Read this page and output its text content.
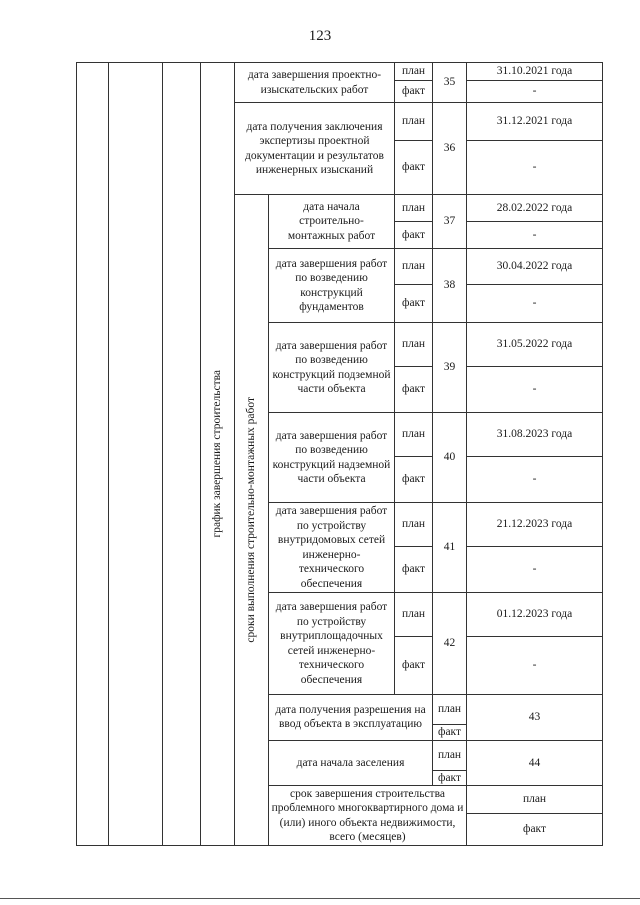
123

			график завершения строительства	дата завершения проектно-изыскательских работ		план	35	31.10.2021 года	
						факт		-	
				дата получения заключения экспертизы проектной документации и результатов инженерных изысканий		план	36	31.12.2021 года	
						факт		-	

				сроки выполнения строительно-монтажных работ	дата начала строительно-монтажных работ	план	37	28.02.2022 года	
						факт		-	
					дата завершения работ по возведению конструкций фундаментов	план	38	30.04.2022 года	
						факт		-	
					дата завершения работ по возведению конструкций подземной части объекта	план	39	31.05.2022 года	
						факт		-	
					дата завершения работ по возведению конструкций надземной части объекта	план	40	31.08.2023 года	
						факт		-	
					дата завершения работ по устройству внутридомовых сетей инженерно-технического обеспечения	план	41	21.12.2023 года	
						факт		-	
					дата завершения работ по устройству внутриплощадочных сетей инженерно-технического обеспечения	план	42	01.12.2023 года	
						факт		-	
					дата получения разрешения на ввод объекта в эксплуатацию		план	43	
							факт	
					дата начала заселения		план	44	
							факт	
					срок завершения строительства проблемного многоквартирного дома и (или) иного объекта недвижимости, всего (месяцев)			план		
								факт	
